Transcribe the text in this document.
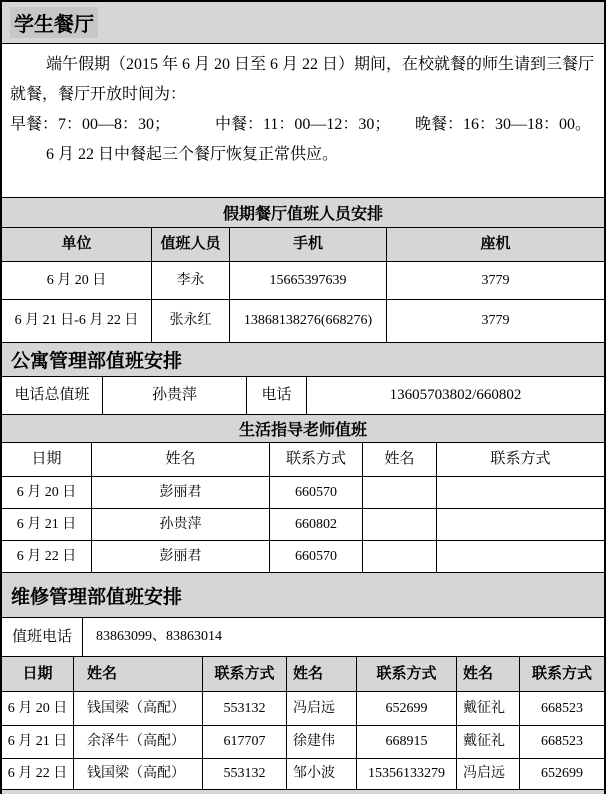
学生餐厅
端午假期（2015 年 6 月 20 日至 6 月 22 日）期间，在校就餐的师生请到三餐厅
就餐，餐厅开放时间为：
早餐：7：00—8：30；	中餐：11：00—12：30； 晚餐：16：30—18：00。
6 月 22 日中餐起三个餐厅恢复正常供应。
假期餐厅值班人员安排
单位	值班人员	手机	座机
6 月 20 日	李永	15665397639	3779
6 月 21 日-6 月 22 日	张永红	13868138276(668276)	3779
公寓管理部值班安排
电话总值班	孙贵萍	电话	13605703802/660802
生活指导老师值班
日期	姓名	联系方式	姓名	联系方式
6 月 20 日	彭丽君	660570
6 月 21 日	孙贵萍	660802
6 月 22 日	彭丽君	660570
维修管理部值班安排
值班电话	83863099、83863014
日期	姓名	联系方式	姓名	联系方式	姓名	联系方式
6 月 20 日	钱国梁（高配）	553132	冯启远	652699	戴征礼	668523
6 月 21 日	余泽牛（高配）	617707	徐建伟	668915	戴征礼	668523
6 月 22 日	钱国梁（高配）	553132	邹小波	15356133279	冯启远	652699
